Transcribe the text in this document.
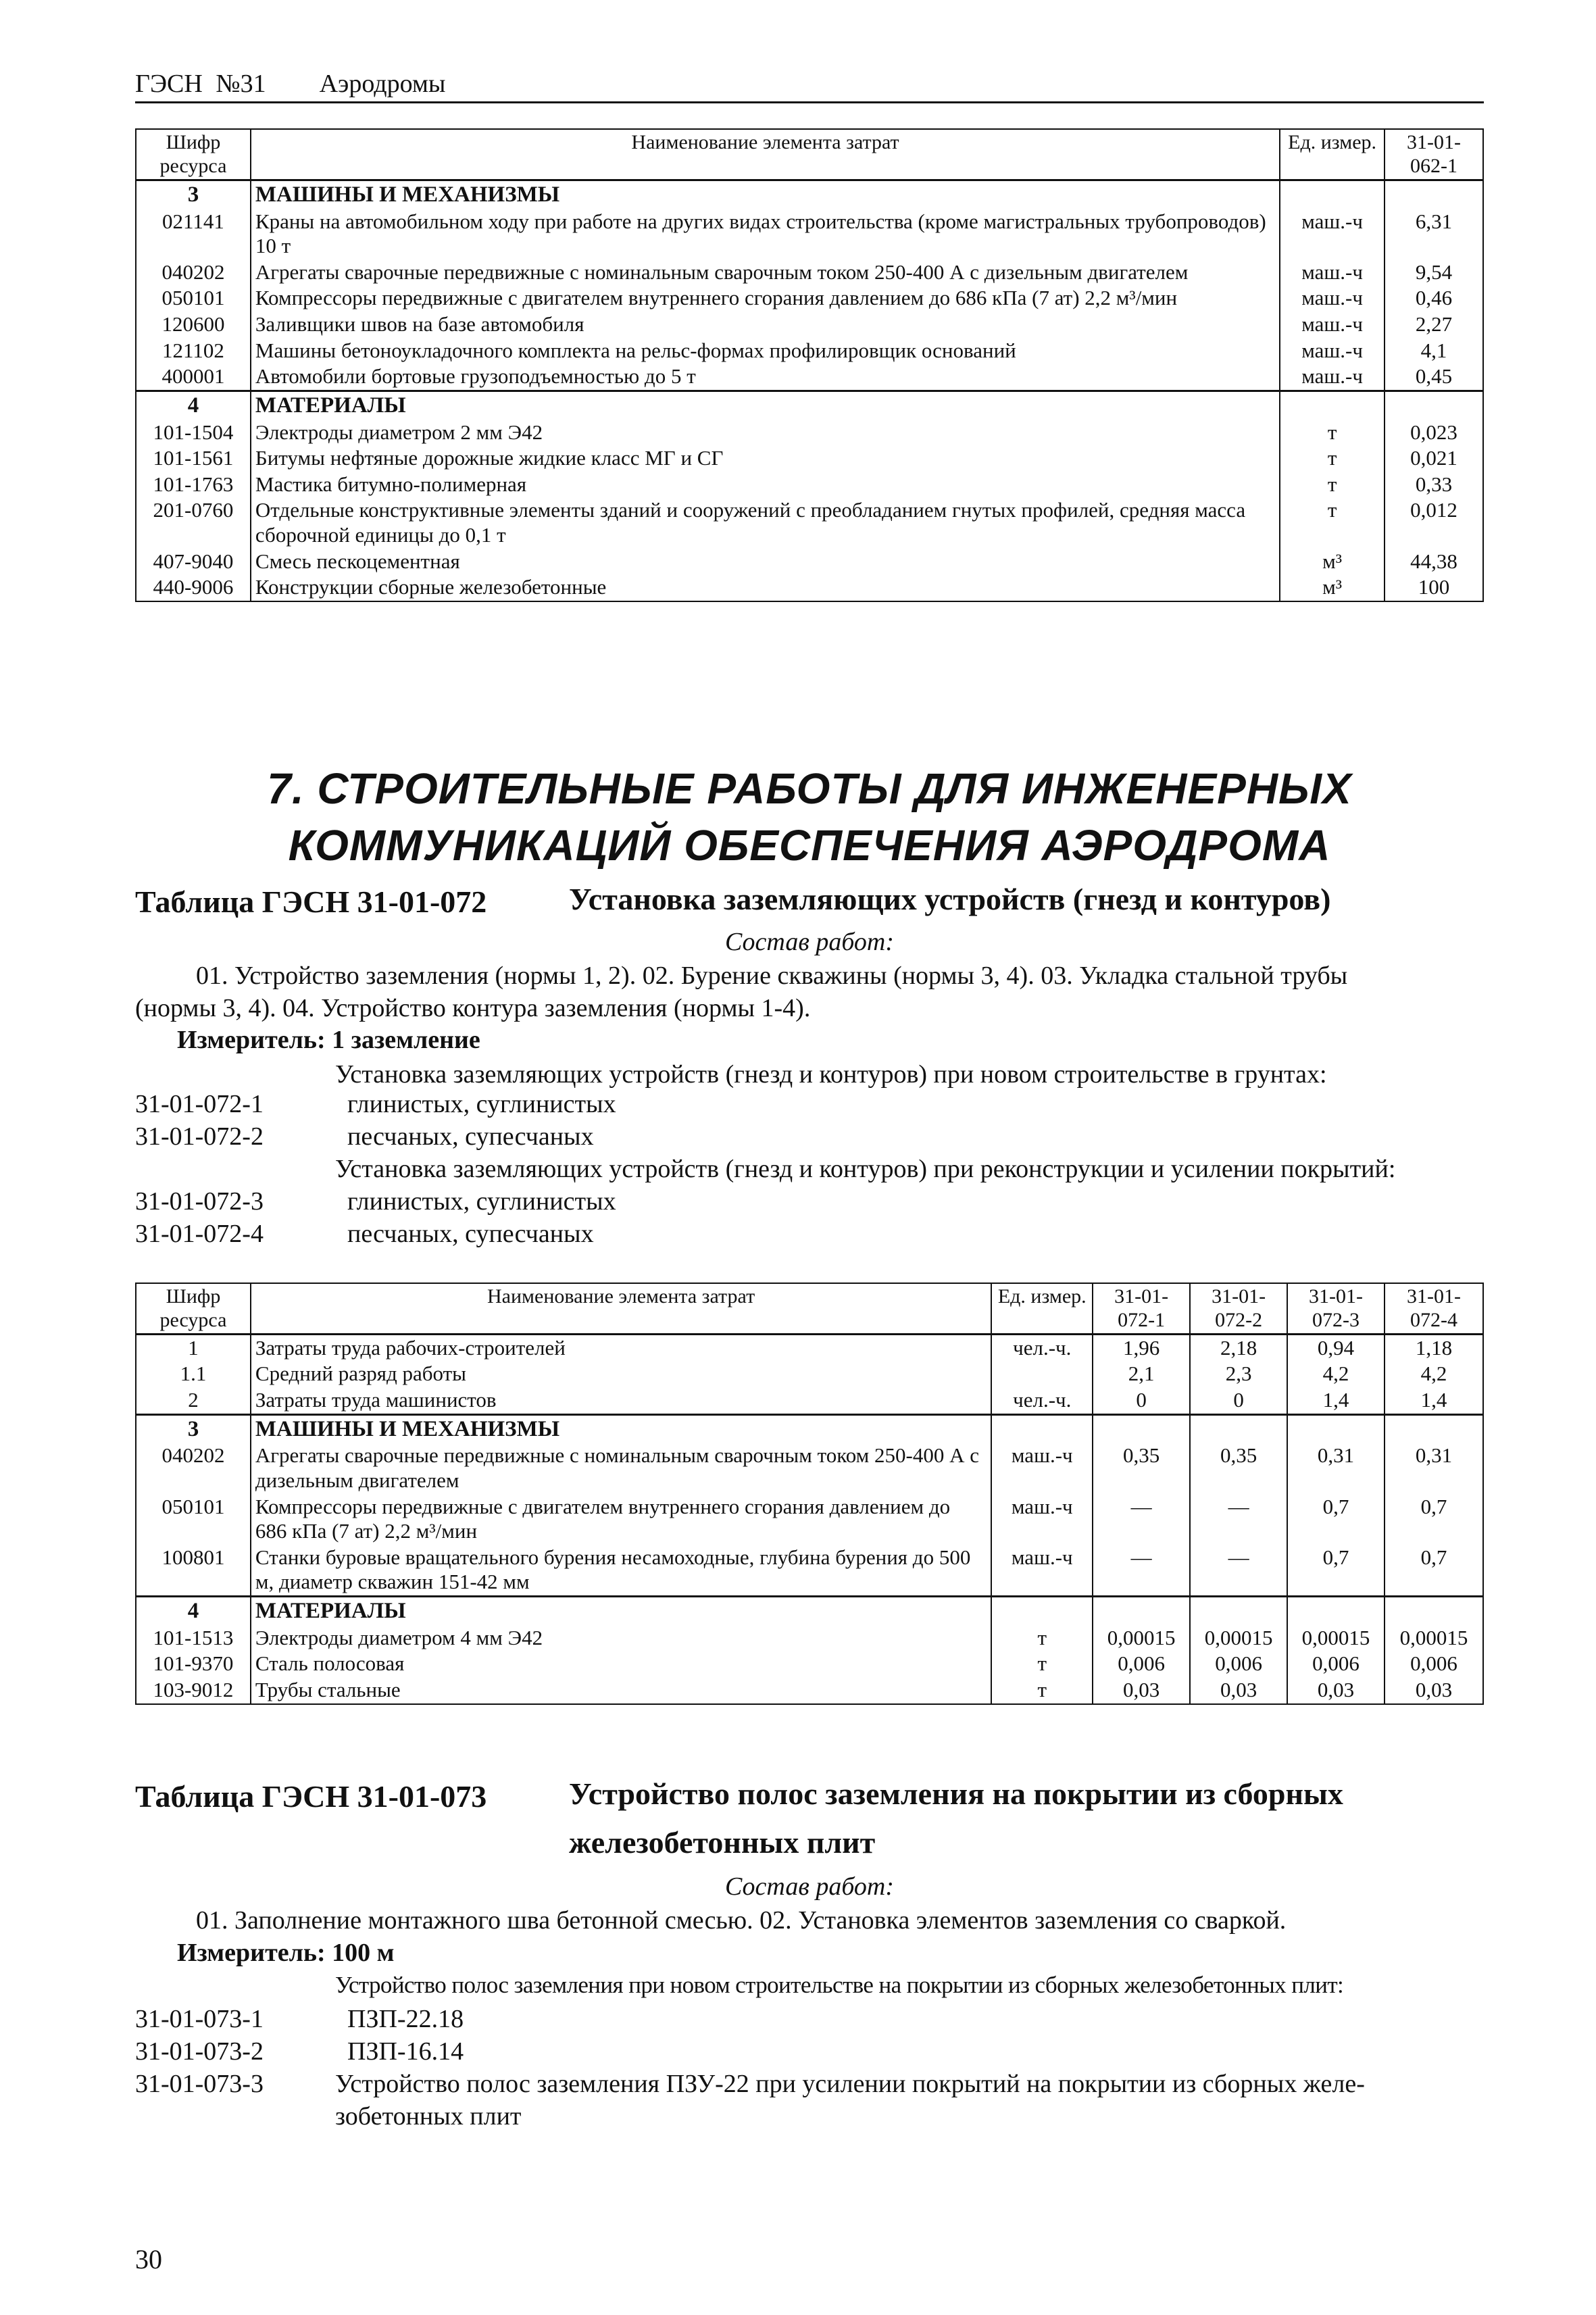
ГЭСН №31 Аэродромы
Шифр ресурса	Наименование элемента затрат	Ед. измер.	31-01-062-1
3	МАШИНЫ И МЕХАНИЗМЫ		
021141	Краны на автомобильном ходу при работе на других видах строительства (кроме магистральных трубопроводов) 10 т	маш.-ч	6,31
040202	Агрегаты сварочные передвижные с номинальным сварочным током 250-400 А с дизельным двигателем	маш.-ч	9,54
050101	Компрессоры передвижные с двигателем внутреннего сгорания давлением до 686 кПа (7 ат) 2,2 м³/мин	маш.-ч	0,46
120600	Заливщики швов на базе автомобиля	маш.-ч	2,27
121102	Машины бетоноукладочного комплекта на рельс-формах профилировщик оснований	маш.-ч	4,1
400001	Автомобили бортовые грузоподъемностью до 5 т	маш.-ч	0,45
4	МАТЕРИАЛЫ		
101-1504	Электроды диаметром 2 мм Э42	т	0,023
101-1561	Битумы нефтяные дорожные жидкие класс МГ и СГ	т	0,021
101-1763	Мастика битумно-полимерная	т	0,33
201-0760	Отдельные конструктивные элементы зданий и сооружений с преобладанием гнутых профилей, средняя масса сборочной единицы до 0,1 т	т	0,012
407-9040	Смесь пескоцементная	м³	44,38
440-9006	Конструкции сборные железобетонные	м³	100
7. СТРОИТЕЛЬНЫЕ РАБОТЫ ДЛЯ ИНЖЕНЕРНЫХ
КОММУНИКАЦИЙ ОБЕСПЕЧЕНИЯ АЭРОДРОМА
Таблица ГЭСН 31-01-072	Установка заземляющих устройств (гнезд и контуров)
Состав работ:
01. Устройство заземления (нормы 1, 2). 02. Бурение скважины (нормы 3, 4). 03. Укладка стальной трубы
(нормы 3, 4). 04. Устройство контура заземления (нормы 1-4).
Измеритель: 1 заземление
Установка заземляющих устройств (гнезд и контуров) при новом строительстве в грунтах:
31-01-072-1	глинистых, суглинистых
31-01-072-2	песчаных, супесчаных
Установка заземляющих устройств (гнезд и контуров) при реконструкции и усилении покрытий:
31-01-072-3	глинистых, суглинистых
31-01-072-4	песчаных, супесчаных
Шифр ресурса	Наименование элемента затрат	Ед. измер.	31-01-072-1	31-01-072-2	31-01-072-3	31-01-072-4
1	Затраты труда рабочих-строителей	чел.-ч.	1,96	2,18	0,94	1,18
1.1	Средний разряд работы		2,1	2,3	4,2	4,2
2	Затраты труда машинистов	чел.-ч.	0	0	1,4	1,4
3	МАШИНЫ И МЕХАНИЗМЫ					
040202	Агрегаты сварочные передвижные с номинальным сварочным током 250-400 А с дизельным двигателем	маш.-ч	0,35	0,35	0,31	0,31
050101	Компрессоры передвижные с двигателем внутреннего сгорания давлением до 686 кПа (7 ат) 2,2 м³/мин	маш.-ч	—	—	0,7	0,7
100801	Станки буровые вращательного бурения несамоходные, глубина бурения до 500 м, диаметр скважин 151-42 мм	маш.-ч	—	—	0,7	0,7
4	МАТЕРИАЛЫ					
101-1513	Электроды диаметром 4 мм Э42	т	0,00015	0,00015	0,00015	0,00015
101-9370	Сталь полосовая	т	0,006	0,006	0,006	0,006
103-9012	Трубы стальные	т	0,03	0,03	0,03	0,03
Таблица ГЭСН 31-01-073	Устройство полос заземления на покрытии из сборных
железобетонных плит
Состав работ:
01. Заполнение монтажного шва бетонной смесью. 02. Установка элементов заземления со сваркой.
Измеритель: 100 м
Устройство полос заземления при новом строительстве на покрытии из сборных железобетонных плит:
31-01-073-1	ПЗП-22.18
31-01-073-2	ПЗП-16.14
31-01-073-3	Устройство полос заземления ПЗУ-22 при усилении покрытий на покрытии из сборных желе-
зобетонных плит
30
